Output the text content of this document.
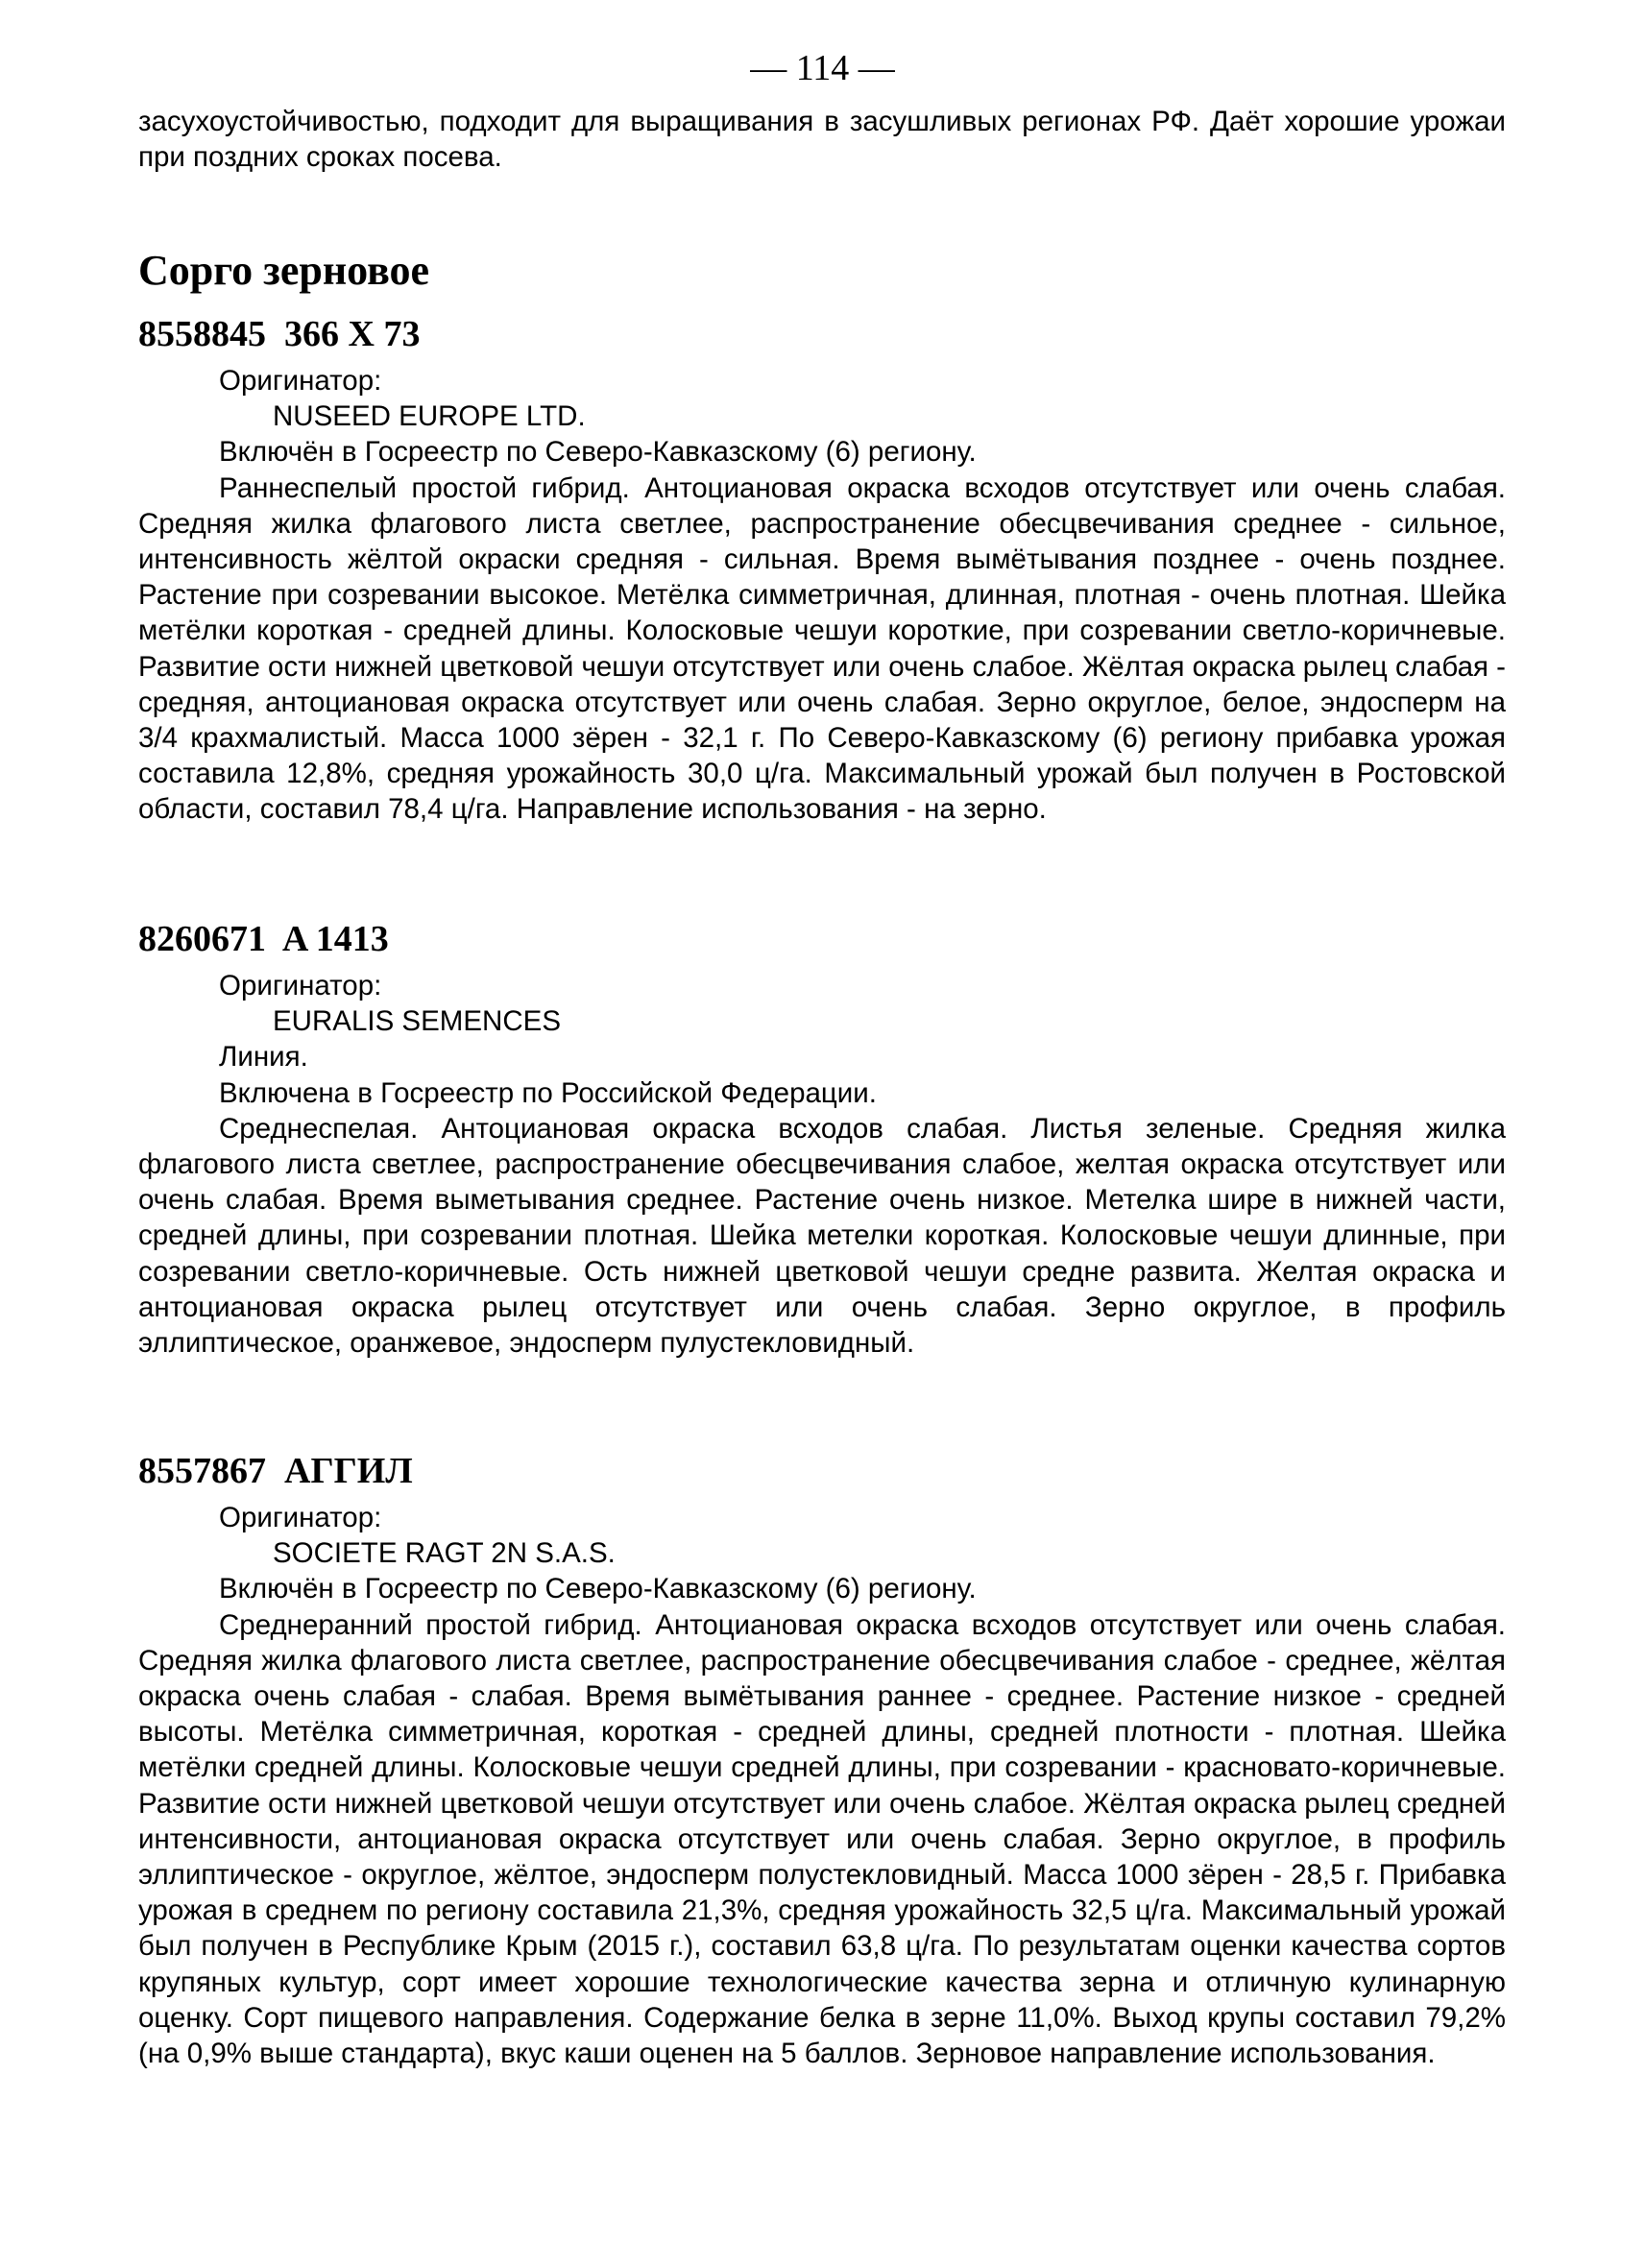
— 114 —

засухоустойчивостью, подходит для выращивания в засушливых регионах РФ. Даёт хорошие урожаи при поздних сроках посева.

Сорго зерновое
8558845  366 X 73

Оригинатор:

NUSEED EUROPE LTD.

Включён в Госреестр по Северо-Кавказскому (6) региону.

Раннеспелый простой гибрид. Антоциановая окраска всходов отсутствует или очень слабая. Средняя жилка флагового листа светлее, распространение обесцвечивания среднее - сильное, интенсивность жёлтой окраски средняя - сильная. Время вымётывания позднее - очень позднее. Растение при созревании высокое. Метёлка симметричная, длинная, плотная - очень плотная. Шейка метёлки короткая - средней длины. Колосковые чешуи короткие, при созревании светло-коричневые. Развитие ости нижней цветковой чешуи отсутствует или очень слабое. Жёлтая окраска рылец слабая - средняя, антоциановая окраска отсутствует или очень слабая. Зерно округлое, белое, эндосперм на 3/4 крахмалистый. Масса 1000 зёрен - 32,1 г. По Северо-Кавказскому (6) региону прибавка урожая составила 12,8%, средняя урожайность 30,0 ц/га. Максимальный урожай был получен в Ростовской области, составил 78,4 ц/га. Направление использования - на зерно.

8260671  A 1413

Оригинатор:

EURALIS SEMENCES

Линия.

Включена в Госреестр по Российской Федерации.

Среднеспелая. Антоциановая окраска всходов слабая. Листья зеленые. Средняя жилка флагового листа светлее, распространение обесцвечивания слабое, желтая окраска отсутствует или очень слабая. Время выметывания среднее. Растение очень низкое. Метелка шире в нижней части, средней длины, при созревании плотная. Шейка метелки короткая. Колосковые чешуи длинные, при созревании светло-коричневые. Ость нижней цветковой чешуи средне развита. Желтая окраска и антоциановая окраска рылец отсутствует или очень слабая. Зерно округлое, в профиль эллиптическое, оранжевое, эндосперм пулустекловидный.

8557867  АГГИЛ

Оригинатор:

SOCIETE RAGT 2N S.A.S.

Включён в Госреестр по Северо-Кавказскому (6) региону.

Среднеранний простой гибрид. Антоциановая окраска всходов отсутствует или очень слабая. Средняя жилка флагового листа светлее, распространение обесцвечивания слабое - среднее, жёлтая окраска очень слабая - слабая. Время вымётывания раннее - среднее. Растение низкое - средней высоты. Метёлка симметричная, короткая - средней длины, средней плотности - плотная. Шейка метёлки средней длины. Колосковые чешуи средней длины, при созревании - красновато-коричневые. Развитие ости нижней цветковой чешуи отсутствует или очень слабое. Жёлтая окраска рылец средней интенсивности, антоциановая окраска отсутствует или очень слабая. Зерно округлое, в профиль эллиптическое - округлое, жёлтое, эндосперм полустекловидный. Масса 1000 зёрен - 28,5 г. Прибавка урожая в среднем по региону составила 21,3%, средняя урожайность 32,5 ц/га. Максимальный урожай был получен в Республике Крым (2015 г.), составил 63,8 ц/га. По результатам оценки качества сортов крупяных культур, сорт имеет хорошие технологические качества зерна и отличную кулинарную оценку. Сорт пищевого направления. Содержание белка в зерне 11,0%. Выход крупы составил 79,2% (на 0,9% выше стандарта), вкус каши оценен на 5 баллов. Зерновое направление использования.
